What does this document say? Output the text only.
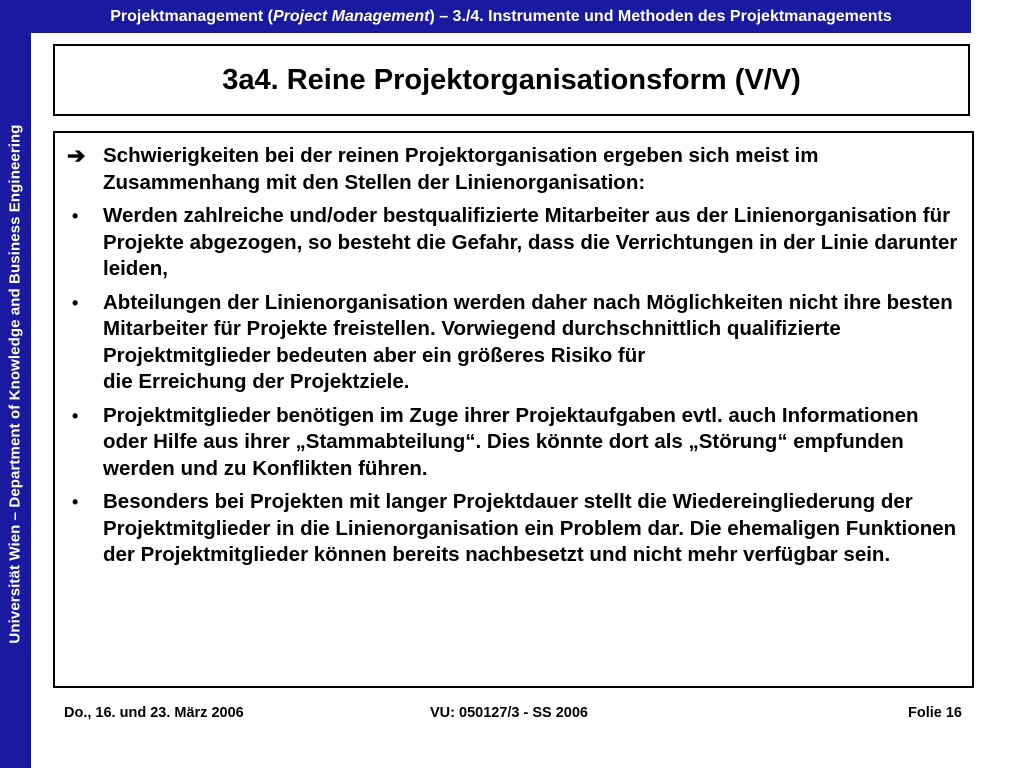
Universität Wien – Department of Knowledge and Business Engineering
Projektmanagement (Project Management) – 3./4. Instrumente und Methoden des Projektmanagements
3a4. Reine Projektorganisationsform (V/V)
➔ Schwierigkeiten bei der reinen Projektorganisation ergeben sich meist im Zusammenhang mit den Stellen der Linienorganisation:
•	Werden zahlreiche und/oder bestqualifizierte Mitarbeiter aus der Linienorganisation für Projekte abgezogen, so besteht die Gefahr, dass die Verrichtungen in der Linie darunter leiden,
•	Abteilungen der Linienorganisation werden daher nach Möglichkeiten nicht ihre besten Mitarbeiter für Projekte freistellen. Vorwiegend durchschnittlich qualifizierte Projektmitglieder bedeuten aber ein größeres Risiko für
die Erreichung der Projektziele.
•	Projektmitglieder benötigen im Zuge ihrer Projektaufgaben evtl. auch Informationen oder Hilfe aus ihrer „Stammabteilung“. Dies könnte dort als „Störung“ empfunden werden und zu Konflikten führen.
•	Besonders bei Projekten mit langer Projektdauer stellt die Wiedereingliederung der Projektmitglieder in die Linienorganisation ein Problem dar. Die ehemaligen Funktionen der Projektmitglieder können bereits nachbesetzt und nicht mehr verfügbar sein.
Do., 16. und 23. März 2006	VU: 050127/3 - SS 2006	Folie 16
